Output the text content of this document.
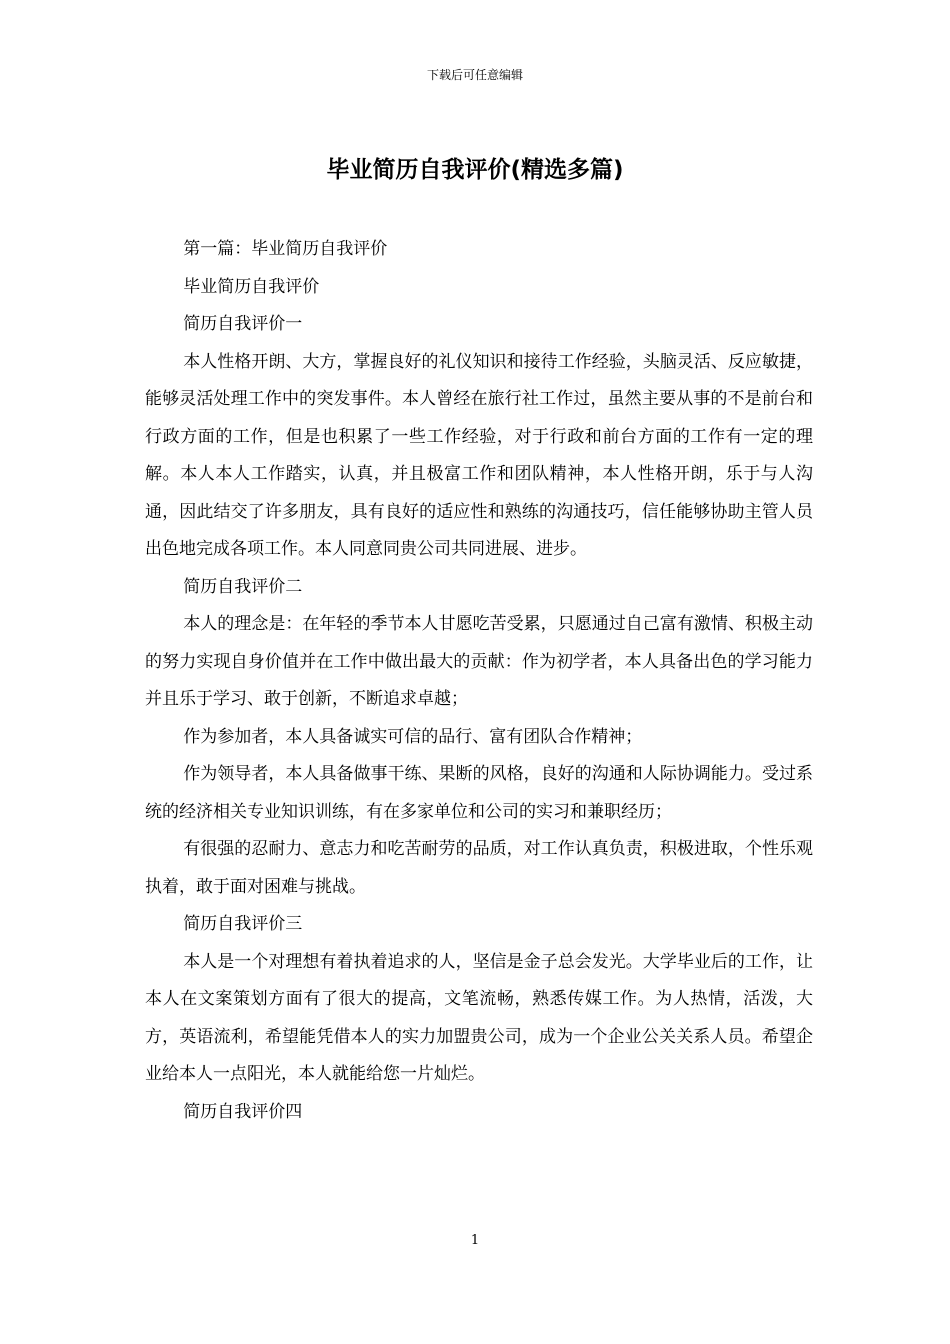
下载后可任意编辑
毕业简历自我评价(精选多篇)

第一篇：毕业简历自我评价

毕业简历自我评价

简历自我评价一

本人性格开朗、大方，掌握良好的礼仪知识和接待工作经验，头脑灵活、反应敏捷，能够灵活处理工作中的突发事件。本人曾经在旅行社工作过，虽然主要从事的不是前台和行政方面的工作，但是也积累了一些工作经验，对于行政和前台方面的工作有一定的理解。本人本人工作踏实，认真，并且极富工作和团队精神，本人性格开朗，乐于与人沟通，因此结交了许多朋友，具有良好的适应性和熟练的沟通技巧，信任能够协助主管人员出色地完成各项工作。本人同意同贵公司共同进展、进步。

简历自我评价二

本人的理念是：在年轻的季节本人甘愿吃苦受累，只愿通过自己富有激情、积极主动的努力实现自身价值并在工作中做出最大的贡献：作为初学者，本人具备出色的学习能力并且乐于学习、敢于创新，不断追求卓越；

作为参加者，本人具备诚实可信的品行、富有团队合作精神；

作为领导者，本人具备做事干练、果断的风格，良好的沟通和人际协调能力。受过系统的经济相关专业知识训练，有在多家单位和公司的实习和兼职经历；

有很强的忍耐力、意志力和吃苦耐劳的品质，对工作认真负责，积极进取，个性乐观执着，敢于面对困难与挑战。

简历自我评价三

本人是一个对理想有着执着追求的人，坚信是金子总会发光。大学毕业后的工作，让本人在文案策划方面有了很大的提高，文笔流畅，熟悉传媒工作。为人热情，活泼，大方，英语流利，希望能凭借本人的实力加盟贵公司，成为一个企业公关关系人员。希望企业给本人一点阳光，本人就能给您一片灿烂。

简历自我评价四

1
